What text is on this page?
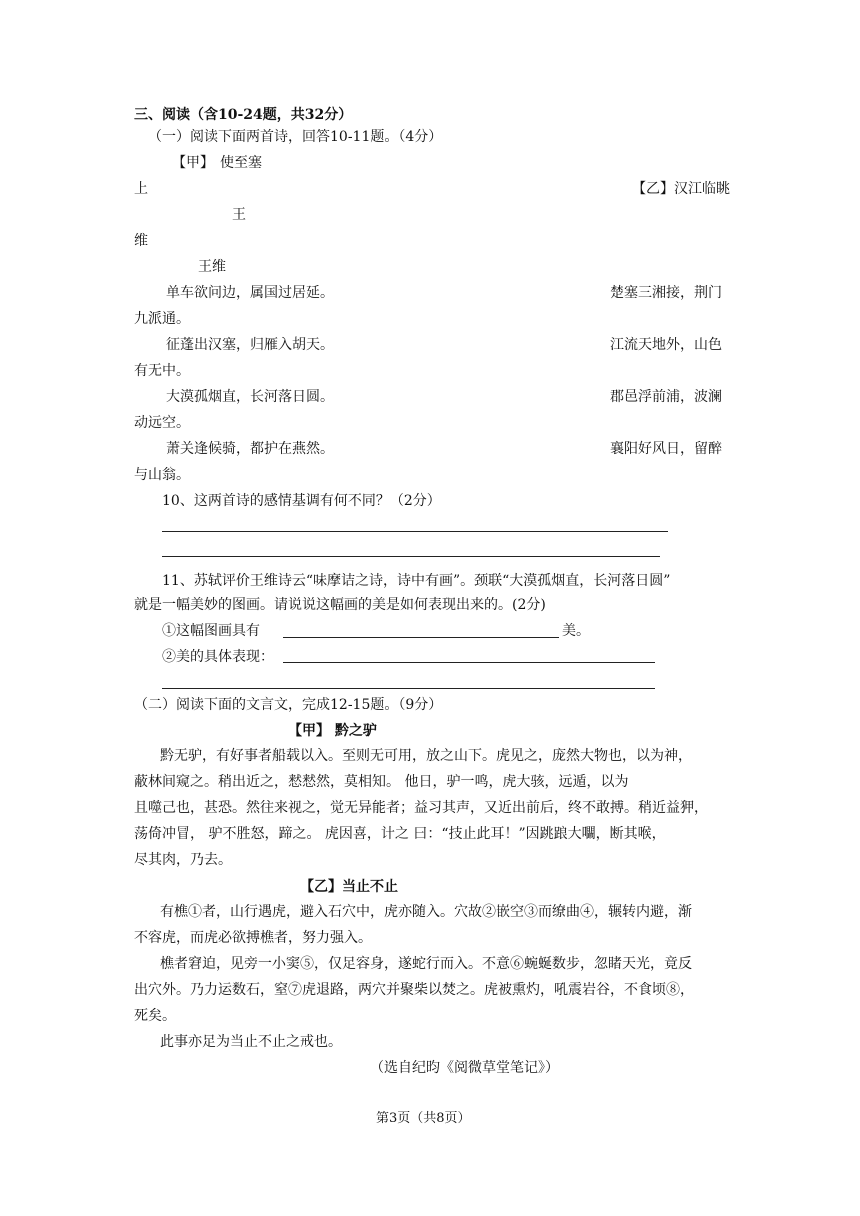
三、阅读（含10-24题，共32分）
（一）阅读下面两首诗，回答10-11题。（4分）
【甲】 使至塞
上	【乙】汉江临眺
王
维
王维
单车欲问边，属国过居延。	楚塞三湘接，荆门
九派通。
征蓬出汉塞，归雁入胡天。	江流天地外，山色
有无中。
大漠孤烟直，长河落日圆。	郡邑浮前浦，波澜
动远空。
萧关逢候骑，都护在燕然。	襄阳好风日，留醉
与山翁。
10、这两首诗的感情基调有何不同？（2分）
11、苏轼评价王维诗云“味摩诘之诗，诗中有画”。颈联“大漠孤烟直，长河落日圆”
就是一幅美妙的图画。请说说这幅画的美是如何表现出来的。(2分)
①这幅图画具有	美。
②美的具体表现：
（二）阅读下面的文言文，完成12-15题。（9分）
【甲】 黔之驴
黔无驴，有好事者船载以入。至则无可用，放之山下。虎见之，庞然大物也，以为神，
蔽林间窥之。稍出近之，慭慭然，莫相知。 他日，驴一鸣，虎大骇，远遁，以为
且噬己也，甚恐。然往来视之，觉无异能者；益习其声，又近出前后，终不敢搏。稍近益狎，
荡倚冲冒， 驴不胜怒，蹄之。 虎因喜，计之 曰：“技止此耳！”因跳踉大㘚，断其喉，
尽其肉，乃去。
【乙】当止不止
有樵①者，山行遇虎，避入石穴中，虎亦随入。穴故②嵌空③而缭曲④，辗转内避，渐
不容虎，而虎必欲搏樵者，努力强入。
樵者窘迫，见旁一小窦⑤，仅足容身，遂蛇行而入。不意⑥蜿蜒数步，忽睹天光，竟反
出穴外。乃力运数石，窒⑦虎退路，两穴并聚柴以焚之。虎被熏灼，吼震岩谷，不食顷⑧，
死矣。
此事亦足为当止不止之戒也。
（选自纪昀《阅微草堂笔记》）
第3页（共8页）
